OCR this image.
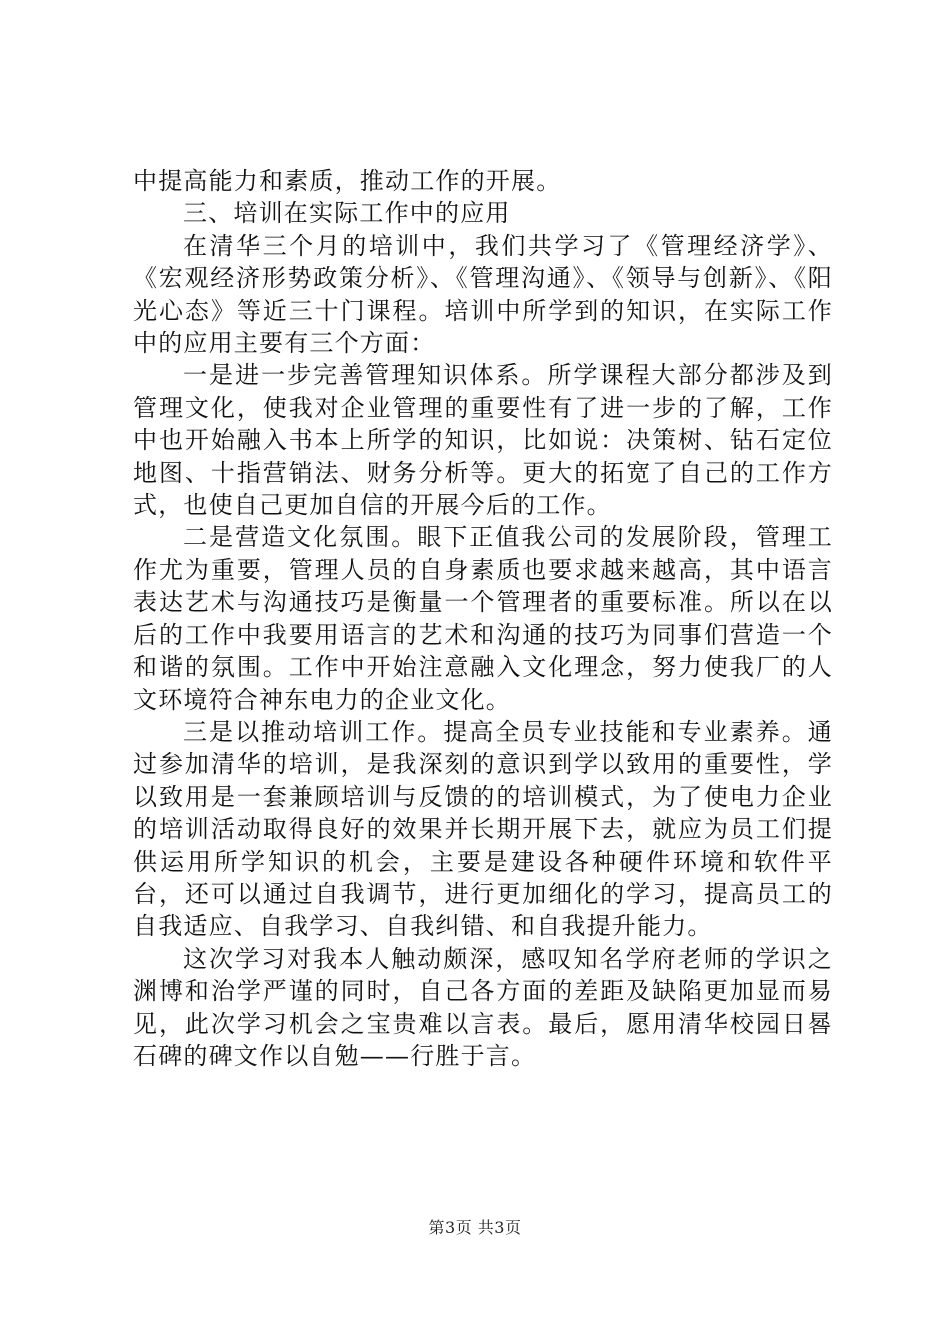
中提高能力和素质，推动工作的开展。

三、培训在实际工作中的应用

在清华三个月的培训中，我们共学习了《管理经济学》、《宏观经济形势政策分析》、《管理沟通》、《领导与创新》、《阳光心态》等近三十门课程。培训中所学到的知识，在实际工作中的应用主要有三个方面：

一是进一步完善管理知识体系。所学课程大部分都涉及到管理文化，使我对企业管理的重要性有了进一步的了解，工作中也开始融入书本上所学的知识，比如说：决策树、钻石定位地图、十指营销法、财务分析等。更大的拓宽了自己的工作方式，也使自己更加自信的开展今后的工作。

二是营造文化氛围。眼下正值我公司的发展阶段，管理工作尤为重要，管理人员的自身素质也要求越来越高，其中语言表达艺术与沟通技巧是衡量一个管理者的重要标准。所以在以后的工作中我要用语言的艺术和沟通的技巧为同事们营造一个和谐的氛围。工作中开始注意融入文化理念，努力使我厂的人文环境符合神东电力的企业文化。

三是以推动培训工作。提高全员专业技能和专业素养。通过参加清华的培训，是我深刻的意识到学以致用的重要性，学以致用是一套兼顾培训与反馈的的培训模式，为了使电力企业的培训活动取得良好的效果并长期开展下去，就应为员工们提供运用所学知识的机会，主要是建设各种硬件环境和软件平台，还可以通过自我调节，进行更加细化的学习，提高员工的自我适应、自我学习、自我纠错、和自我提升能力。

这次学习对我本人触动颇深，感叹知名学府老师的学识之渊博和治学严谨的同时，自己各方面的差距及缺陷更加显而易见，此次学习机会之宝贵难以言表。最后，愿用清华校园日晷石碑的碑文作以自勉——行胜于言。

第3页 共3页
